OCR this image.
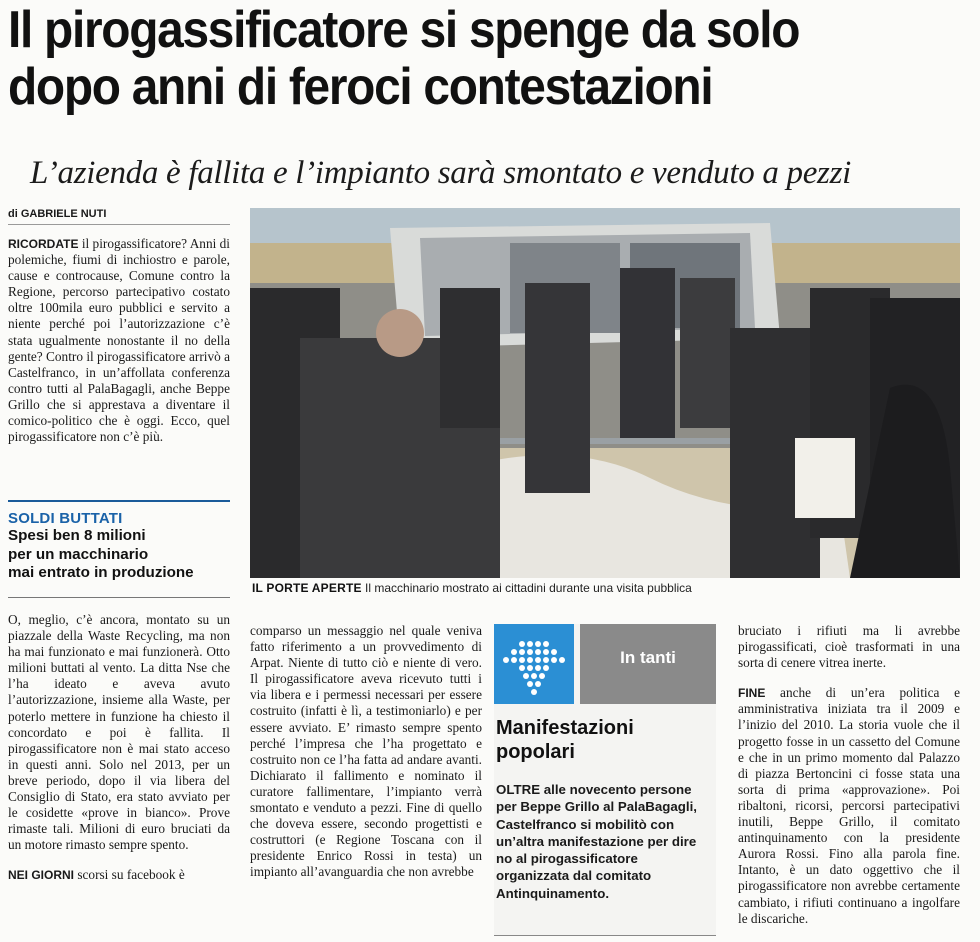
Il pirogassificatore si spenge da solo
dopo anni di feroci contestazioni
L’azienda è fallita e l’impianto sarà smontato e venduto a pezzi
di GABRIELE NUTI
RICORDATE il pirogassificatore? Anni di polemiche, fiumi di inchiostro e parole, cause e controcause, Comune contro la Regione, percorso partecipativo costato oltre 100mila euro pubblici e servito a niente perché poi l’autorizzazione c’è stata ugualmente nonostante il no della gente? Contro il pirogassificatore arrivò a Castelfranco, in un’affollata conferenza contro tutti al PalaBagagli, anche Beppe Grillo che si apprestava a diventare il comico-politico che è oggi. Ecco, quel pirogassificatore non c’è più.
SOLDI BUTTATI
Spesi ben 8 milioni
per un macchinario
mai entrato in produzione

O, meglio, c’è ancora, montato su un piazzale della Waste Recycling, ma non ha mai funzionato e mai funzionerà. Otto milioni buttati al vento. La ditta Nse che l’ha ideato e aveva avuto l’autorizzazione, insieme alla Waste, per poterlo mettere in funzione ha chiesto il concordato e poi è fallita. Il pirogassificatore non è mai stato acceso in questi anni. Solo nel 2013, per un breve periodo, dopo il via libera del Consiglio di Stato, era stato avviato per le cosidette «prove in bianco». Prove rimaste tali. Milioni di euro bruciati da un motore rimasto sempre spento.

NEI GIORNI scorsi su facebook è

IL PORTE APERTE Il macchinario mostrato ai cittadini durante una visita pubblica
comparso un messaggio nel quale veniva fatto riferimento a un provvedimento di Arpat. Niente di tutto ciò e niente di vero. Il pirogassificatore aveva ricevuto tutti i via libera e i permessi necessari per essere costruito (infatti è lì, a testimoniarlo) e per essere avviato. E’ rimasto sempre spento perché l’impresa che l’ha progettato e costruito non ce l’ha fatta ad andare avanti. Dichiarato il fallimento e nominato il curatore fallimentare, l’impianto verrà smontato e venduto a pezzi. Fine di quello che doveva essere, secondo progettisti e costruttori (e Regione Toscana con il presidente Enrico Rossi in testa) un impianto all’avanguardia che non avrebbe
In tanti
Manifestazioni
popolari
OLTRE alle novecento persone per Beppe Grillo al PalaBagagli, Castelfranco si mobilitò con un’altra manifestazione per dire no al pirogassificatore organizzata dal comitato Antinquinamento.

bruciato i rifiuti ma li avrebbe pirogassificati, cioè trasformati in una sorta di cenere vitrea inerte.

FINE anche di un’era politica e amministrativa iniziata tra il 2009 e l’inizio del 2010. La storia vuole che il progetto fosse in un cassetto del Comune e che in un primo momento dal Palazzo di piazza Bertoncini ci fosse stata una sorta di prima «approvazione». Poi ribaltoni, ricorsi, percorsi partecipativi inutili, Beppe Grillo, il comitato antinquinamento con la presidente Aurora Rossi. Fino alla parola fine. Intanto, è un dato oggettivo che il pirogassificatore non avrebbe certamente cambiato, i rifiuti continuano a ingolfare le discariche.
